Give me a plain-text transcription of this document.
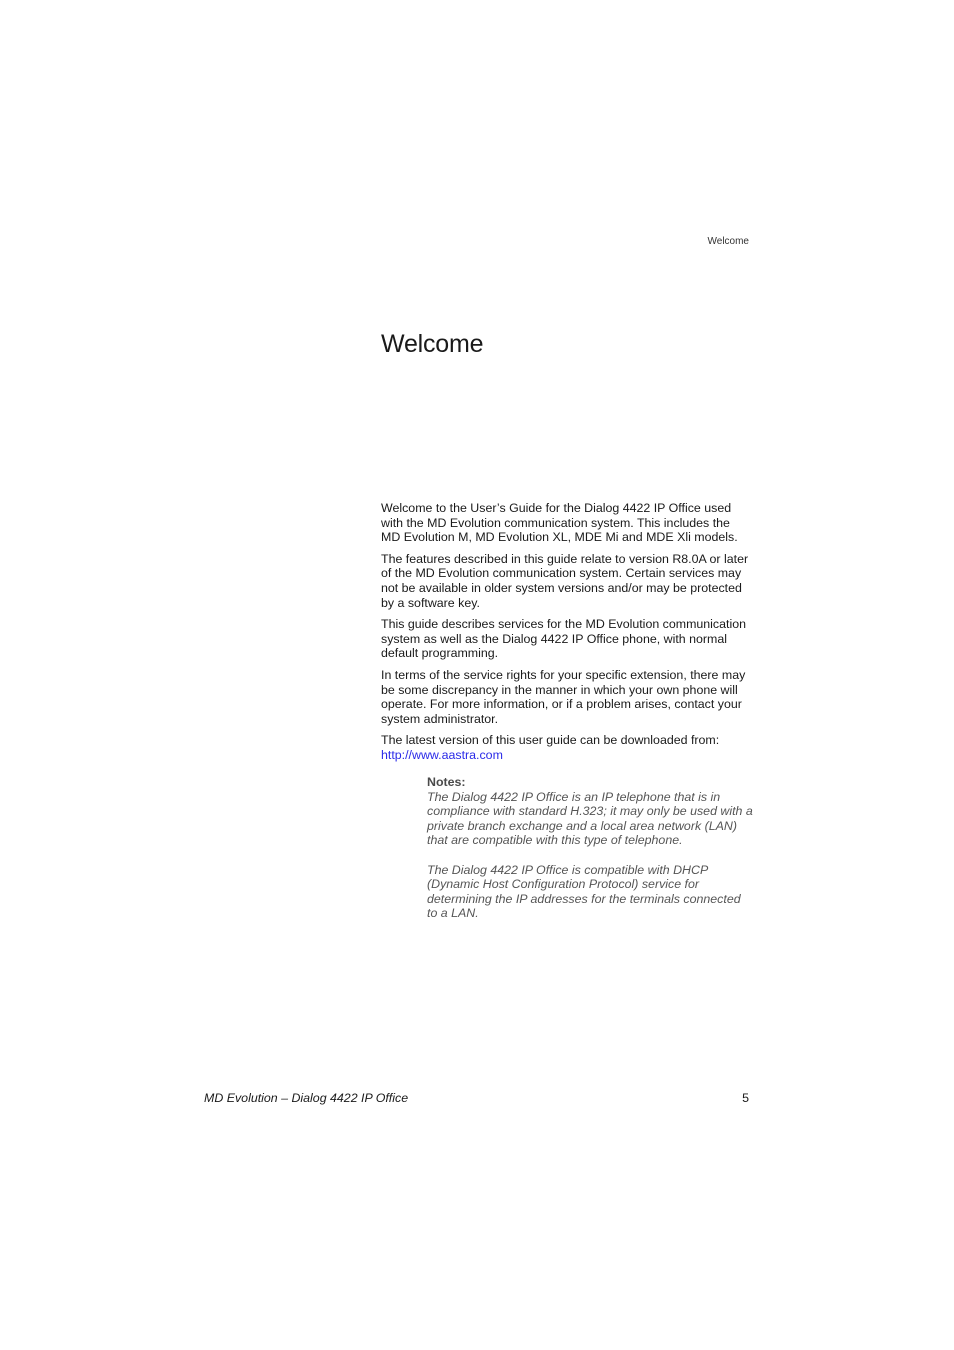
Welcome
Welcome

Welcome to the User’s Guide for the Dialog 4422 IP Office used with the MD Evolution communication system. This includes the MD Evolution M, MD Evolution XL, MDE Mi and MDE Xli models.

The features described in this guide relate to version R8.0A or later of the MD Evolution communication system. Certain services may not be available in older system versions and/or may be protected by a software key.

This guide describes services for the MD Evolution communication system as well as the Dialog 4422 IP Office phone, with normal default programming.

In terms of the service rights for your specific extension, there may be some discrepancy in the manner in which your own phone will operate. For more information, or if a problem arises, contact your system administrator.

The latest version of this user guide can be downloaded from:
http://www.aastra.com

Notes:

The Dialog 4422 IP Office is an IP telephone that is in compliance with standard H.323; it may only be used with a private branch exchange and a local area network (LAN) that are compatible with this type of telephone.

The Dialog 4422 IP Office is compatible with DHCP (Dynamic Host Configuration Protocol) service for determining the IP addresses for the terminals connected to a LAN.

MD Evolution – Dialog 4422 IP Office	5
